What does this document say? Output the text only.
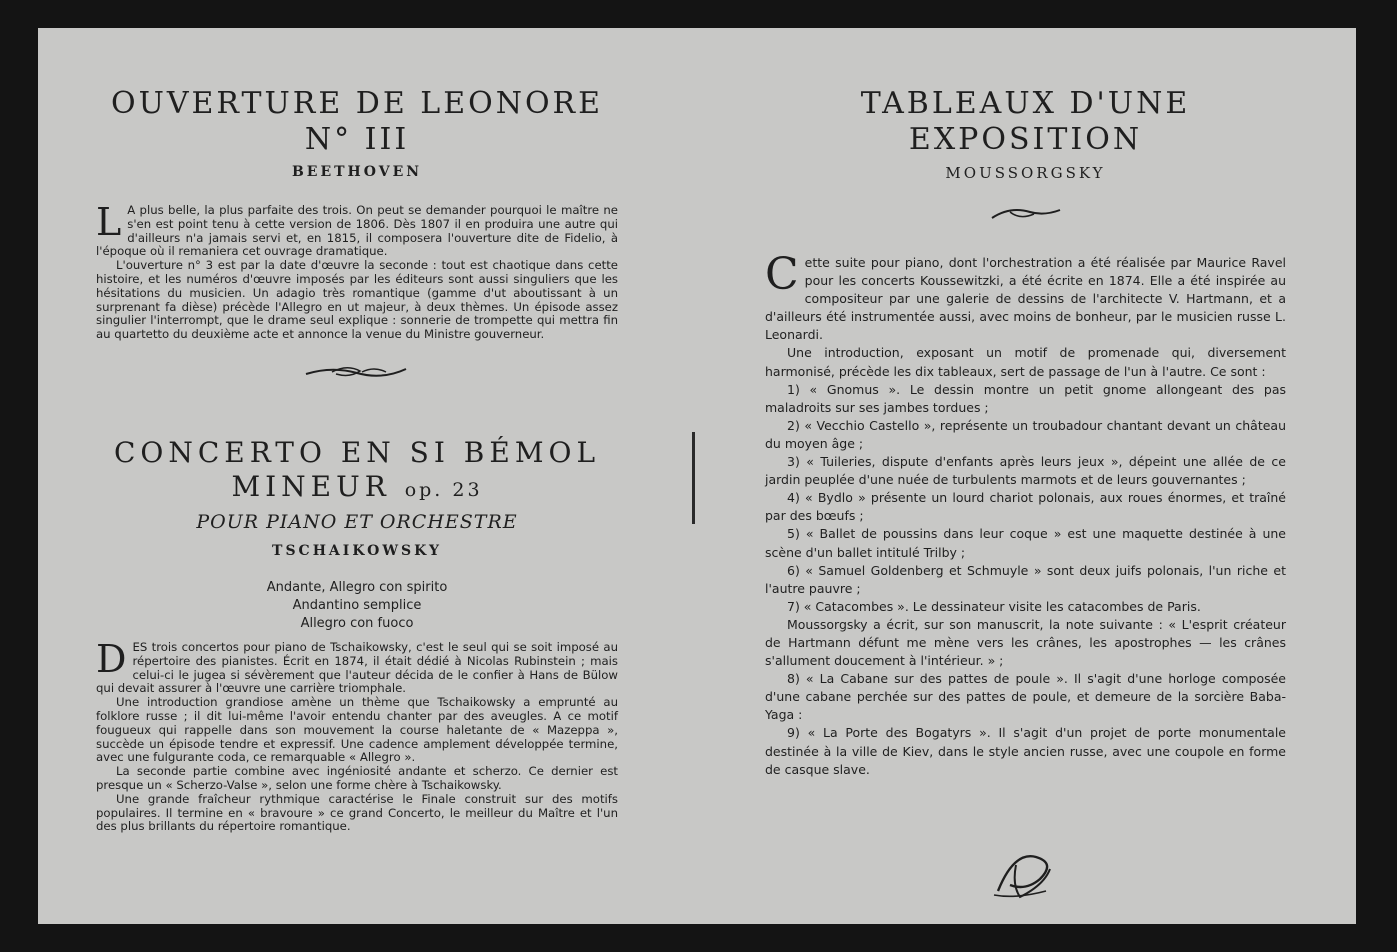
OUVERTURE DE LEONORE N° III
BEETHOVEN

L A plus belle, la plus parfaite des trois. On peut se demander pourquoi le maître ne s'en est point tenu à cette version de 1806. Dès 1807 il en produira une autre qui d'ailleurs n'a jamais servi et, en 1815, il composera l'ouverture dite de Fidelio, à l'époque où il remaniera cet ouvrage dramatique.

L'ouverture n° 3 est par la date d'œuvre la seconde : tout est chaotique dans cette histoire, et les numéros d'œuvre imposés par les éditeurs sont aussi singuliers que les hésitations du musicien. Un adagio très romantique (gamme d'ut aboutissant à un surprenant fa dièse) précède l'Allegro en ut majeur, à deux thèmes. Un épisode assez singulier l'interrompt, que le drame seul explique : sonnerie de trompette qui mettra fin au quartetto du deuxième acte et annonce la venue du Ministre gouverneur.

CONCERTO EN SI BÉMOL
MINEUR op. 23
POUR PIANO ET ORCHESTRE
TSCHAIKOWSKY

Andante, Allegro con spirito

Andantino semplice

Allegro con fuoco

DES trois concertos pour piano de Tschaikowsky, c'est le seul qui se soit imposé au répertoire des pianistes. Écrit en 1874, il était dédié à Nicolas Rubinstein ; mais celui-ci le jugea si sévèrement que l'auteur décida de le confier à Hans de Bülow qui devait assurer à l'œuvre une carrière triomphale.

Une introduction grandiose amène un thème que Tschaikowsky a emprunté au folklore russe ; il dit lui-même l'avoir entendu chanter par des aveugles. A ce motif fougueux qui rappelle dans son mouvement la course haletante de « Mazeppa », succède un épisode tendre et expressif. Une cadence amplement développée termine, avec une fulgurante coda, ce remarquable « Allegro ».

La seconde partie combine avec ingéniosité andante et scherzo. Ce dernier est presque un « Scherzo-Valse », selon une forme chère à Tschaikowsky.

Une grande fraîcheur rythmique caractérise le Finale construit sur des motifs populaires. Il termine en « bravoure » ce grand Concerto, le meilleur du Maître et l'un des plus brillants du répertoire romantique.

TABLEAUX D'UNE EXPOSITION
MOUSSORGSKY

Cette suite pour piano, dont l'orchestration a été réalisée par Maurice Ravel pour les concerts Koussewitzki, a été écrite en 1874. Elle a été inspirée au compositeur par une galerie de dessins de l'architecte V. Hartmann, et a d'ailleurs été instrumentée aussi, avec moins de bonheur, par le musicien russe L. Leonardi.

Une introduction, exposant un motif de promenade qui, diversement harmonisé, précède les dix tableaux, sert de passage de l'un à l'autre. Ce sont :

1) « Gnomus ». Le dessin montre un petit gnome allongeant des pas maladroits sur ses jambes tordues ;

2) « Vecchio Castello », représente un troubadour chantant devant un château du moyen âge ;

3) « Tuileries, dispute d'enfants après leurs jeux », dépeint une allée de ce jardin peuplée d'une nuée de turbulents marmots et de leurs gouvernantes ;

4) « Bydlo » présente un lourd chariot polonais, aux roues énormes, et traîné par des bœufs ;

5) « Ballet de poussins dans leur coque » est une maquette destinée à une scène d'un ballet intitulé Trilby ;

6) « Samuel Goldenberg et Schmuyle » sont deux juifs polonais, l'un riche et l'autre pauvre ;

7) « Catacombes ». Le dessinateur visite les catacombes de Paris.

Moussorgsky a écrit, sur son manuscrit, la note suivante : « L'esprit créateur de Hartmann défunt me mène vers les crânes, les apostrophes — les crânes s'allument doucement à l'intérieur. » ;

8) « La Cabane sur des pattes de poule ». Il s'agit d'une horloge composée d'une cabane perchée sur des pattes de poule, et demeure de la sorcière Baba-Yaga :

9) « La Porte des Bogatyrs ». Il s'agit d'un projet de porte monumentale destinée à la ville de Kiev, dans le style ancien russe, avec une coupole en forme de casque slave.
